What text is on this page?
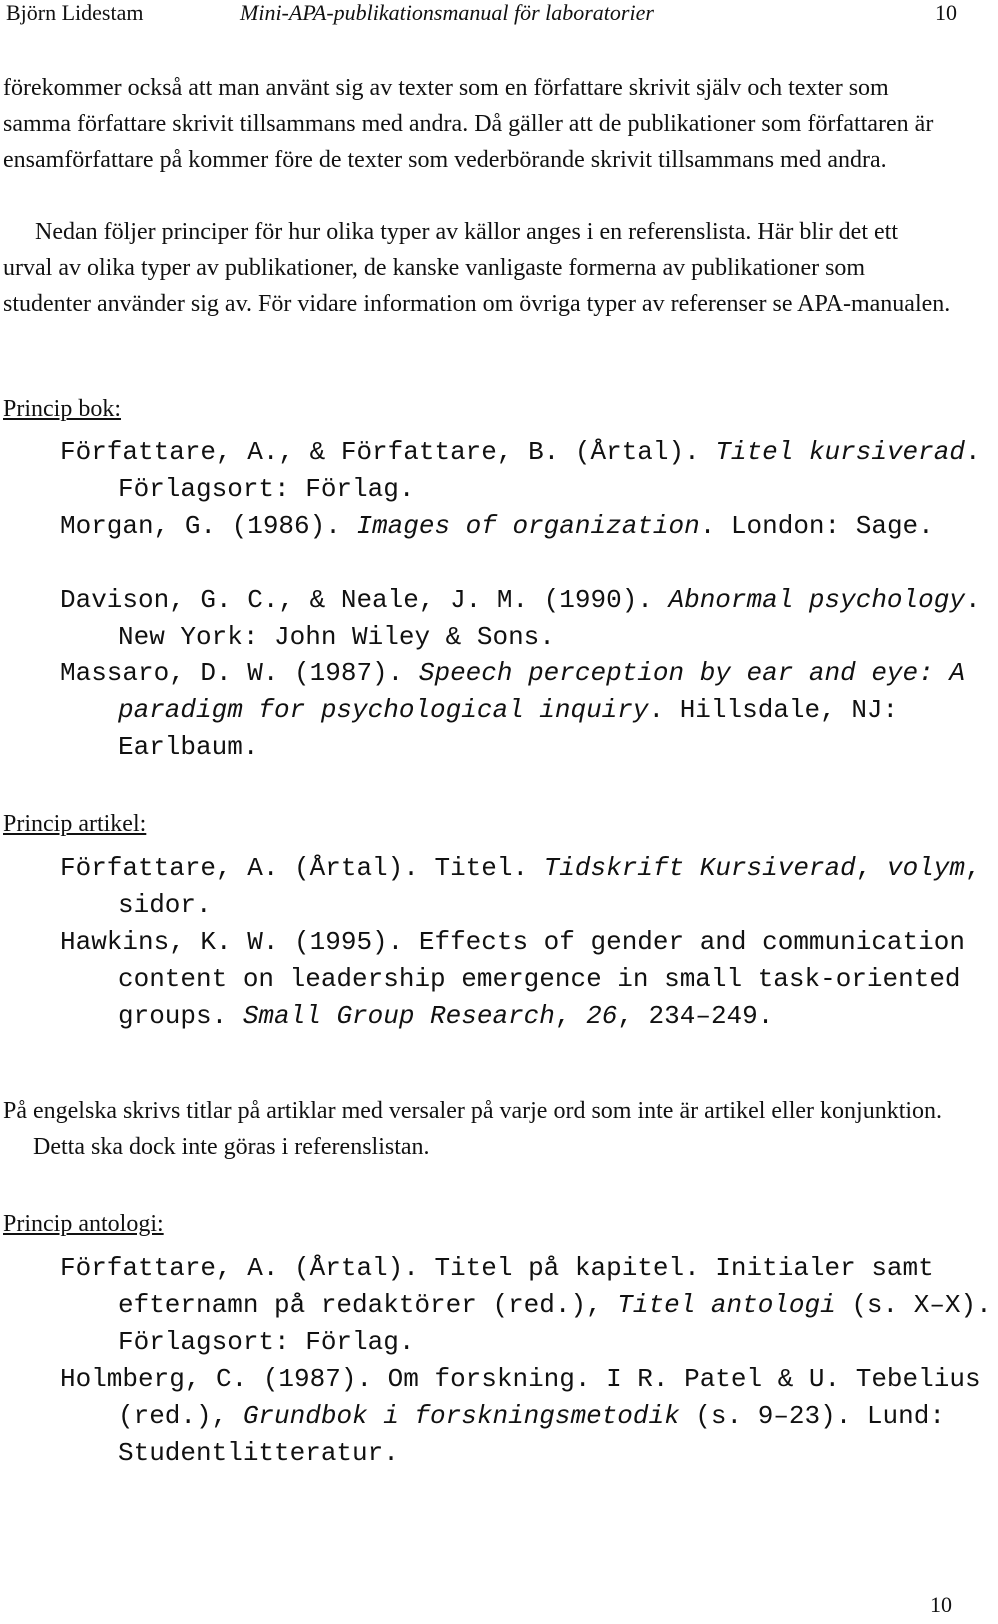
Björn Lidestam	Mini-APA-publikationsmanual för laboratorier	10

förekommer också att man använt sig av texter som en författare skrivit själv och texter som samma författare skrivit tillsammans med andra. Då gäller att de publikationer som författaren är ensamförfattare på kommer före de texter som vederbörande skrivit tillsammans med andra.

Nedan följer principer för hur olika typer av källor anges i en referenslista. Här blir det ett urval av olika typer av publikationer, de kanske vanligaste formerna av publikationer som studenter använder sig av. För vidare information om övriga typer av referenser se APA-manualen.

Princip bok:

Författare, A., & Författare, B. (Årtal). Titel kursiverad. Förlagsort: Förlag.

Morgan, G. (1986). Images of organization. London: Sage.

Davison, G. C., & Neale, J. M. (1990). Abnormal psychology. New York: John Wiley & Sons.

Massaro, D. W. (1987). Speech perception by ear and eye: A paradigm for psychological inquiry. Hillsdale, NJ: Earlbaum.

Princip artikel:

Författare, A. (Årtal). Titel. Tidskrift Kursiverad, volym, sidor.

Hawkins, K. W. (1995). Effects of gender and communication content on leadership emergence in small task-oriented groups. Small Group Research, 26, 234–249.

På engelska skrivs titlar på artiklar med versaler på varje ord som inte är artikel eller konjunktion. Detta ska dock inte göras i referenslistan.

Princip antologi:

Författare, A. (Årtal). Titel på kapitel. Initialer samt efternamn på redaktörer (red.), Titel antologi (s. X–X). Förlagsort: Förlag.

Holmberg, C. (1987). Om forskning. I R. Patel & U. Tebelius (red.), Grundbok i forskningsmetodik (s. 9–23). Lund: Studentlitteratur.

10
